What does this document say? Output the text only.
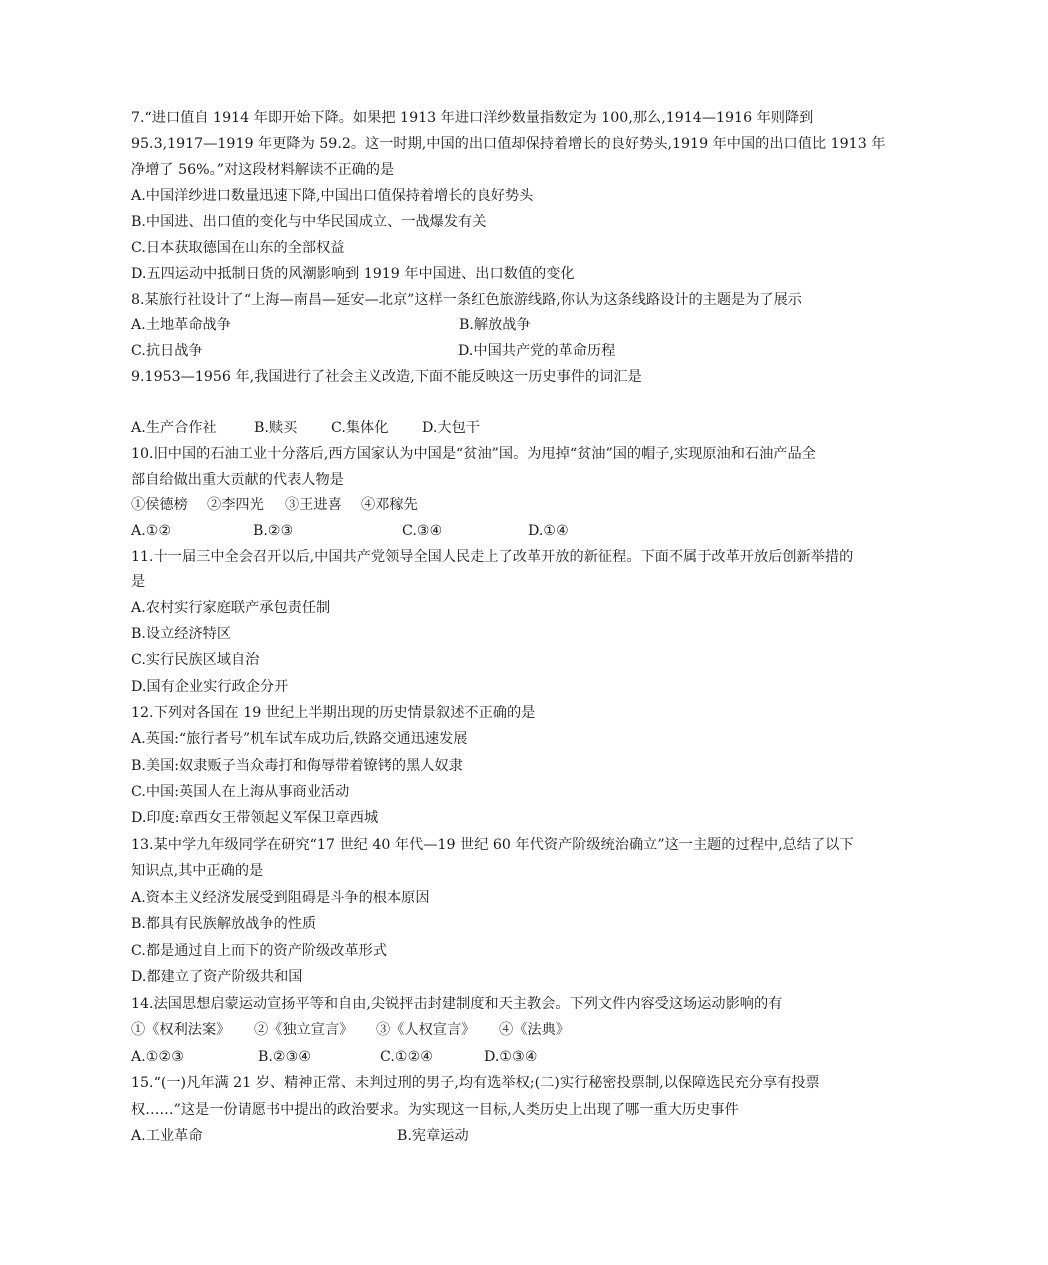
7.“进口值自 1914 年即开始下降。如果把 1913 年进口洋纱数量指数定为 100,那么,1914—1916 年则降到
95.3,1917—1919 年更降为 59.2。这一时期,中国的出口值却保持着增长的良好势头,1919 年中国的出口值比 1913 年
净增了 56%。”对这段材料解读不正确的是
A.中国洋纱进口数量迅速下降,中国出口值保持着增长的良好势头
B.中国进、出口值的变化与中华民国成立、一战爆发有关
C.日本获取德国在山东的全部权益
D.五四运动中抵制日货的风潮影响到 1919 年中国进、出口数值的变化
8.某旅行社设计了“上海—南昌—延安—北京”这样一条红色旅游线路,你认为这条线路设计的主题是为了展示
A.土地革命战争	B.解放战争
C.抗日战争	D.中国共产党的革命历程
9.1953—1956 年,我国进行了社会主义改造,下面不能反映这一历史事件的词汇是
A.生产合作社	B.赎买 C.集体化 D.大包干
10.旧中国的石油工业十分落后,西方国家认为中国是“贫油”国。为甩掉“贫油”国的帽子,实现原油和石油产品全
部自给做出重大贡献的代表人物是
①侯德榜 ②李四光 ③王进喜 ④邓稼先
A.①②	B.②③	C.③④	D.①④
11.十一届三中全会召开以后,中国共产党领导全国人民走上了改革开放的新征程。下面不属于改革开放后创新举措的
是
A.农村实行家庭联产承包责任制
B.设立经济特区
C.实行民族区域自治
D.国有企业实行政企分开
12.下列对各国在 19 世纪上半期出现的历史情景叙述不正确的是
A.英国:“旅行者号”机车试车成功后,铁路交通迅速发展
B.美国:奴隶贩子当众毒打和侮辱带着镣铐的黑人奴隶
C.中国:英国人在上海从事商业活动
D.印度:章西女王带领起义军保卫章西城
13.某中学九年级同学在研究“17 世纪 40 年代—19 世纪 60 年代资产阶级统治确立”这一主题的过程中,总结了以下
知识点,其中正确的是
A.资本主义经济发展受到阻碍是斗争的根本原因
B.都具有民族解放战争的性质
C.都是通过自上而下的资产阶级改革形式
D.都建立了资产阶级共和国
14.法国思想启蒙运动宣扬平等和自由,尖锐抨击封建制度和天主教会。下列文件内容受这场运动影响的有
①《权利法案》 ②《独立宣言》 ③《人权宣言》 ④《法典》
A.①②③	B.②③④	C.①②④	D.①③④
15.“(一)凡年满 21 岁、精神正常、未判过刑的男子,均有选举权;(二)实行秘密投票制,以保障选民充分享有投票
权……”这是一份请愿书中提出的政治要求。为实现这一目标,人类历史上出现了哪一重大历史事件
A.工业革命	B.宪章运动
